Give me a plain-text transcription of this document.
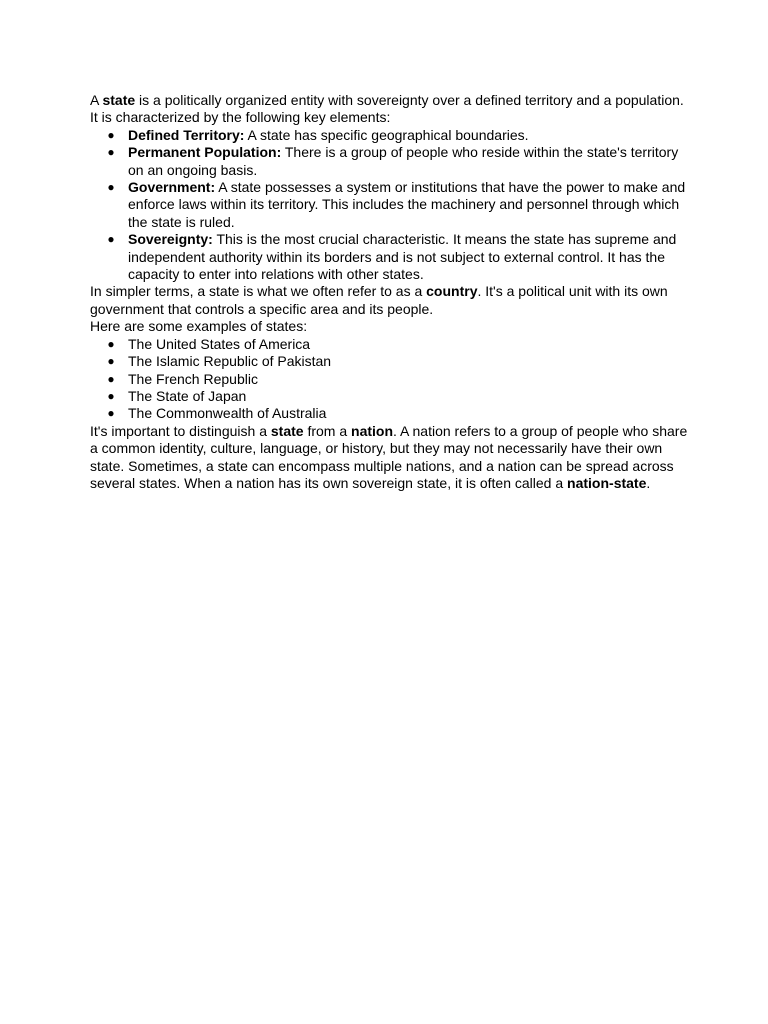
A state is a politically organized entity with sovereignty over a defined territory and a population. It is characterized by the following key elements:

● Defined Territory: A state has specific geographical boundaries.
● Permanent Population: There is a group of people who reside within the state's territory on an ongoing basis.
● Government: A state possesses a system or institutions that have the power to make and enforce laws within its territory. This includes the machinery and personnel through which the state is ruled.
● Sovereignty: This is the most crucial characteristic. It means the state has supreme and independent authority within its borders and is not subject to external control. It has the capacity to enter into relations with other states.

In simpler terms, a state is what we often refer to as a country. It's a political unit with its own government that controls a specific area and its people.

Here are some examples of states:

● The United States of America
● The Islamic Republic of Pakistan
● The French Republic
● The State of Japan
● The Commonwealth of Australia

It's important to distinguish a state from a nation. A nation refers to a group of people who share a common identity, culture, language, or history, but they may not necessarily have their own state. Sometimes, a state can encompass multiple nations, and a nation can be spread across several states. When a nation has its own sovereign state, it is often called a nation-state.
